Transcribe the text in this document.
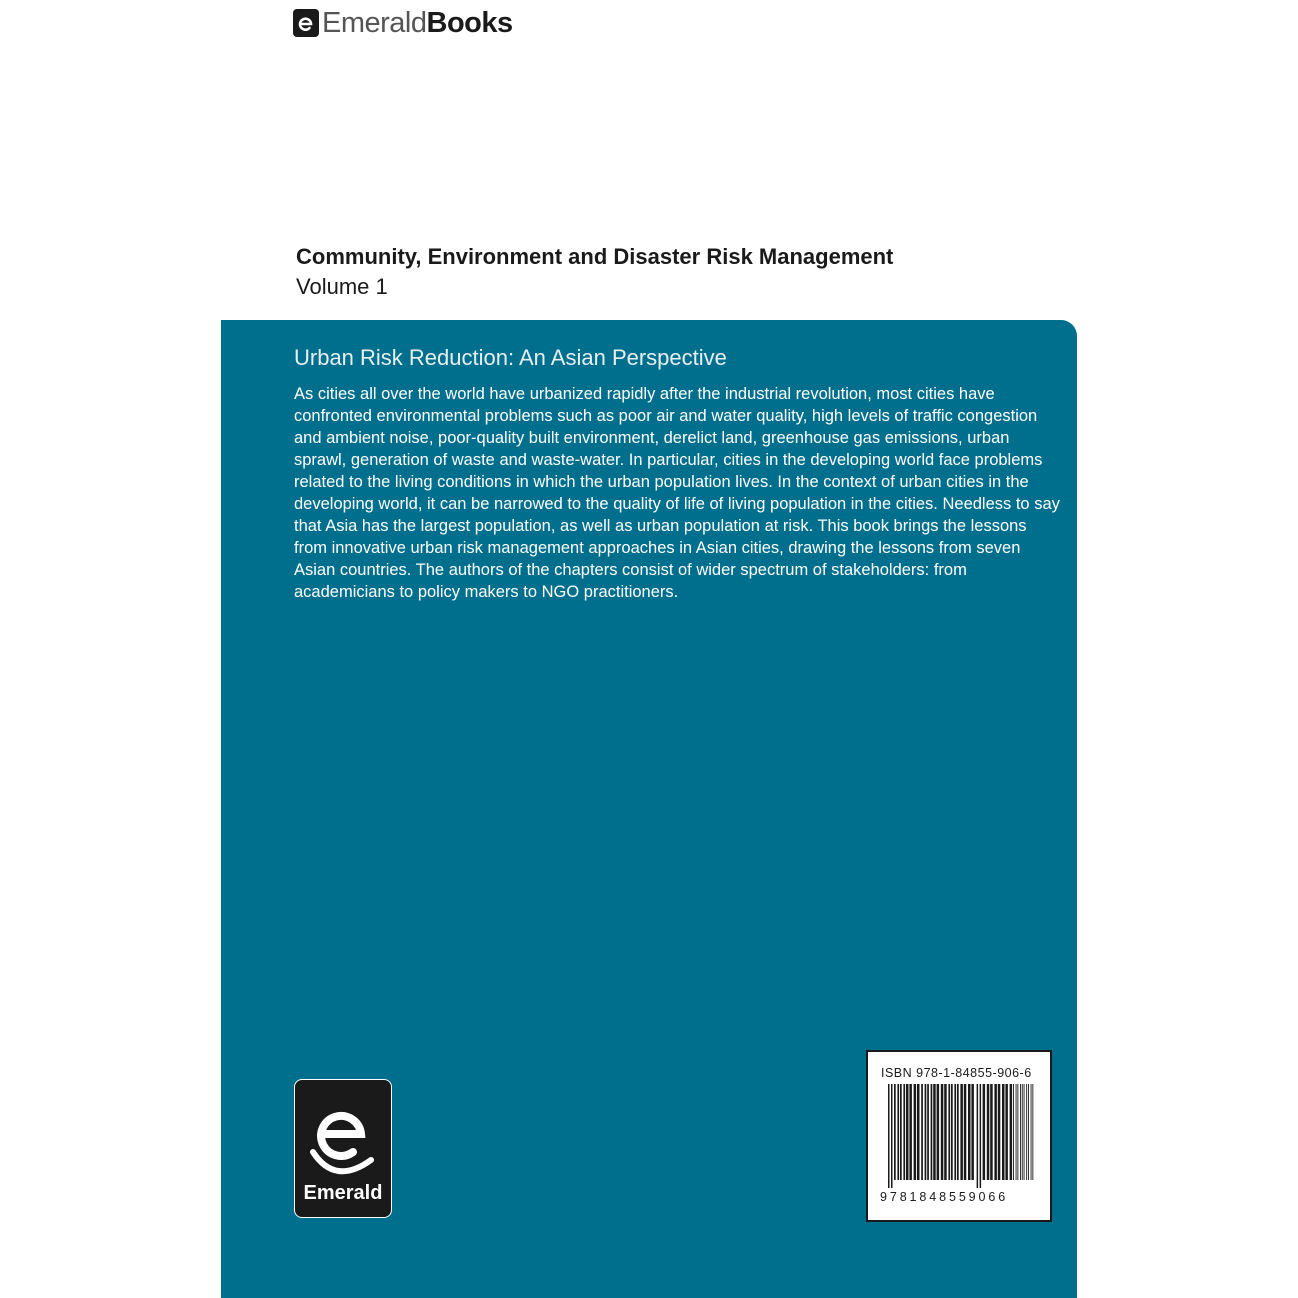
Emerald Books
Community, Environment and Disaster Risk Management
Volume 1
Urban Risk Reduction: An Asian Perspective

As cities all over the world have urbanized rapidly after the industrial revolution, most cities have confronted environmental problems such as poor air and water quality, high levels of traffic congestion and ambient noise, poor-quality built environment, derelict land, greenhouse gas emissions, urban sprawl, generation of waste and waste-water. In particular, cities in the developing world face problems related to the living conditions in which the urban population lives. In the context of urban cities in the developing world, it can be narrowed to the quality of life of living population in the cities. Needless to say that Asia has the largest population, as well as urban population at risk. This book brings the lessons from innovative urban risk management approaches in Asian cities, drawing the lessons from seven Asian countries. The authors of the chapters consist of wider spectrum of stakeholders: from academicians to policy makers to NGO practitioners.

Emerald
ISBN 978-1-84855-906-6
9781848559066
